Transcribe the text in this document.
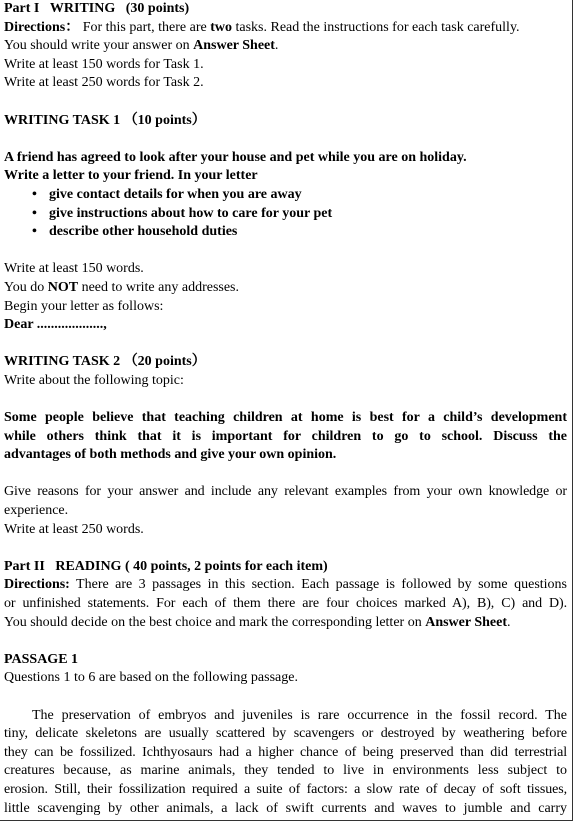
Part I WRITING (30 points)

Directions： For this part, there are two tasks. Read the instructions for each task carefully.

You should write your answer on Answer Sheet.

Write at least 150 words for Task 1.

Write at least 250 words for Task 2.

WRITING TASK 1 （10 points）

A friend has agreed to look after your house and pet while you are on holiday.

Write a letter to your friend. In your letter

• give contact details for when you are away
• give instructions about how to care for your pet
• describe other household duties

Write at least 150 words.

You do NOT need to write any addresses.

Begin your letter as follows:

Dear ...................,

WRITING TASK 2 （20 points）

Write about the following topic:

Some people believe that teaching children at home is best for a child’s development

while others think that it is important for children to go to school. Discuss the

advantages of both methods and give your own opinion.

Give reasons for your answer and include any relevant examples from your own knowledge or

experience.

Write at least 250 words.

Part II READING ( 40 points, 2 points for each item)

Directions: There are 3 passages in this section. Each passage is followed by some questions

or unfinished statements. For each of them there are four choices marked A), B), C) and D).

You should decide on the best choice and mark the corresponding letter on Answer Sheet.

PASSAGE 1

Questions 1 to 6 are based on the following passage.

The preservation of embryos and juveniles is rare occurrence in the fossil record. The

tiny, delicate skeletons are usually scattered by scavengers or destroyed by weathering before

they can be fossilized. Ichthyosaurs had a higher chance of being preserved than did terrestrial

creatures because, as marine animals, they tended to live in environments less subject to

erosion. Still, their fossilization required a suite of factors: a slow rate of decay of soft tissues,

little scavenging by other animals, a lack of swift currents and waves to jumble and carry
